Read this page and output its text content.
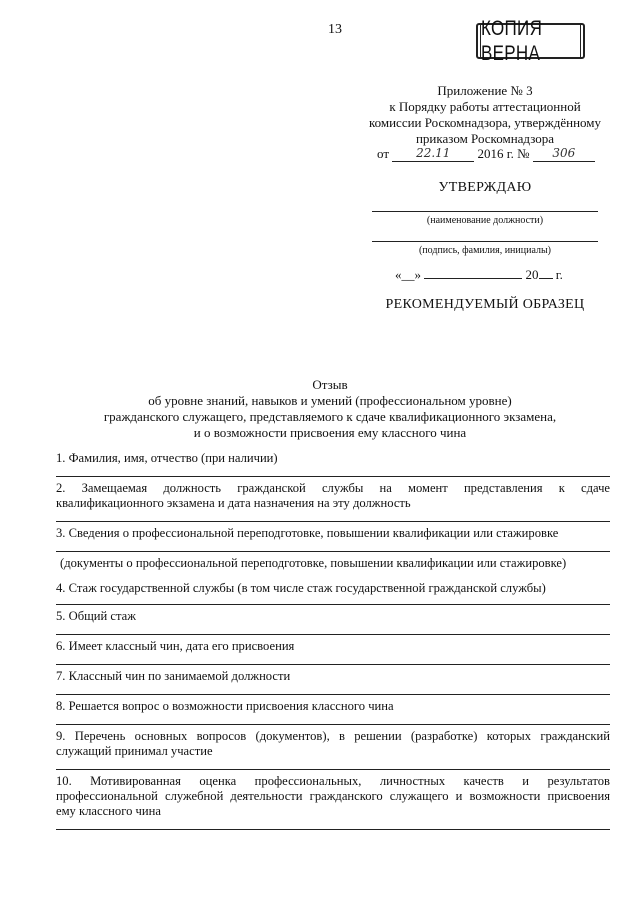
13	КОПИЯ ВЕРНА
Приложение № 3
к Порядку работы аттестационной
комиссии Роскомнадзора, утверждённому
приказом Роскомнадзора
от 22.11 2016 г. № 306
УТВЕРЖДАЮ
(наименование должности)
(подпись, фамилия, инициалы)
«__»	20 г.
РЕКОМЕНДУЕМЫЙ ОБРАЗЕЦ
Отзыв
об уровне знаний, навыков и умений (профессиональном уровне)
гражданского служащего, представляемого к сдаче квалификационного экзамена,
и о возможности присвоения ему классного чина
1. Фамилия, имя, отчество (при наличии)
2. Замещаемая должность гражданской службы на момент представления к сдаче
квалификационного экзамена и дата назначения на эту должность
3. Сведения о профессиональной переподготовке, повышении квалификации или стажировке
(документы о профессиональной переподготовке, повышении квалификации или стажировке)
4. Стаж государственной службы (в том числе стаж государственной гражданской службы)
5. Общий стаж
6. Имеет классный чин, дата его присвоения
7. Классный чин по занимаемой должности
8. Решается вопрос о возможности присвоения классного чина
9. Перечень основных вопросов (документов), в решении (разработке) которых гражданский
служащий принимал участие
10. Мотивированная оценка профессиональных, личностных качеств и результатов
профессиональной служебной деятельности гражданского служащего и возможности присвоения
ему классного чина
